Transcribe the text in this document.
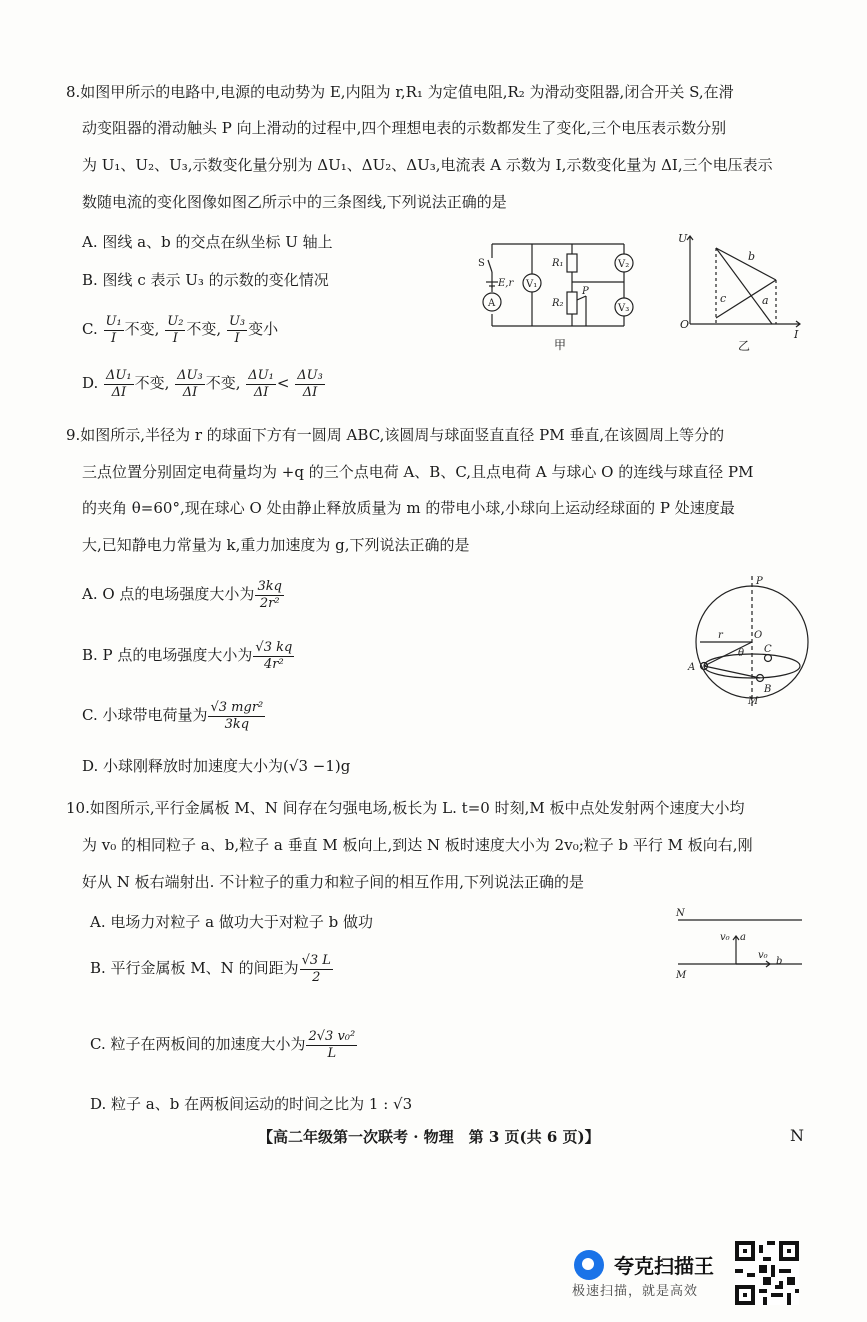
8.如图甲所示的电路中,电源的电动势为 E,内阻为 r,R₁ 为定值电阻,R₂ 为滑动变阻器,闭合开关 S,在滑
动变阻器的滑动触头 P 向上滑动的过程中,四个理想电表的示数都发生了变化,三个电压表示数分别
为 U₁、U₂、U₃,示数变化量分别为 ΔU₁、ΔU₂、ΔU₃,电流表 A 示数为 I,示数变化量为 ΔI,三个电压表示
数随电流的变化图像如图乙所示中的三条图线,下列说法正确的是
A. 图线 a、b 的交点在纵坐标 U 轴上
B. 图线 c 表示 U₃ 的示数的变化情况
C. $\frac{\text{U₁}}{I}$ 不变, $\frac{\text{U₂}}{I}$ 不变, $\frac{\text{U₃}}{I}$ 变小
D. $\frac{\text{ΔU₁}}{\Delta I}$ 不变, $\frac{\text{ΔU₃}}{\Delta I}$ 不变, $\frac{\text{ΔU₁}}{\Delta I} < \frac{\text{ΔU₃}}{\Delta I}$
S
E,r
A
V₁
V₂
V₃
R₁
R₂
P
甲
U
O
I
a
b
c
乙
9.如图所示,半径为 r 的球面下方有一圆周 ABC,该圆周与球面竖直直径 PM 垂直,在该圆周上等分的
三点位置分别固定电荷量均为 +q 的三个点电荷 A、B、C,且点电荷 A 与球心 O 的连线与球直径 PM
的夹角 θ=60°,现在球心 O 处由静止释放质量为 m 的带电小球,小球向上运动经球面的 P 处速度最
大,已知静电力常量为 k,重力加速度为 g,下列说法正确的是
A. O 点的电场强度大小为 $\frac{3kq}{\text{2r²}}$
B. P 点的电场强度大小为 $\frac{√3 kq}{\text{4r²}}$
C. 小球带电荷量为 $\frac{\text{√3 mgr²}}{3kq}$
D. 小球刚释放时加速度大小为(√3 −1)g
P
M
O
r
θ
A
B
C
10.如图所示,平行金属板 M、N 间存在匀强电场,板长为 L. t=0 时刻,M 板中点处发射两个速度大小均
为 v₀ 的相同粒子 a、b,粒子 a 垂直 M 板向上,到达 N 板时速度大小为 2v₀;粒子 b 平行 M 板向右,刚
好从 N 板右端射出. 不计粒子的重力和粒子间的相互作用,下列说法正确的是
A. 电场力对粒子 a 做功大于对粒子 b 做功
B. 平行金属板 M、N 的间距为 $\frac{√3 L}{2}$
C. 粒子在两板间的加速度大小为 $\frac{\text{2√3 v₀²}}{L}$
D. 粒子 a、b 在两板间运动的时间之比为 1 : √3
N
M
v₀ a
v₀
b
【高二年级第一次联考 · 物理　第 3 页(共 6 页)】	N
夸克扫描王
极速扫描，就是高效
